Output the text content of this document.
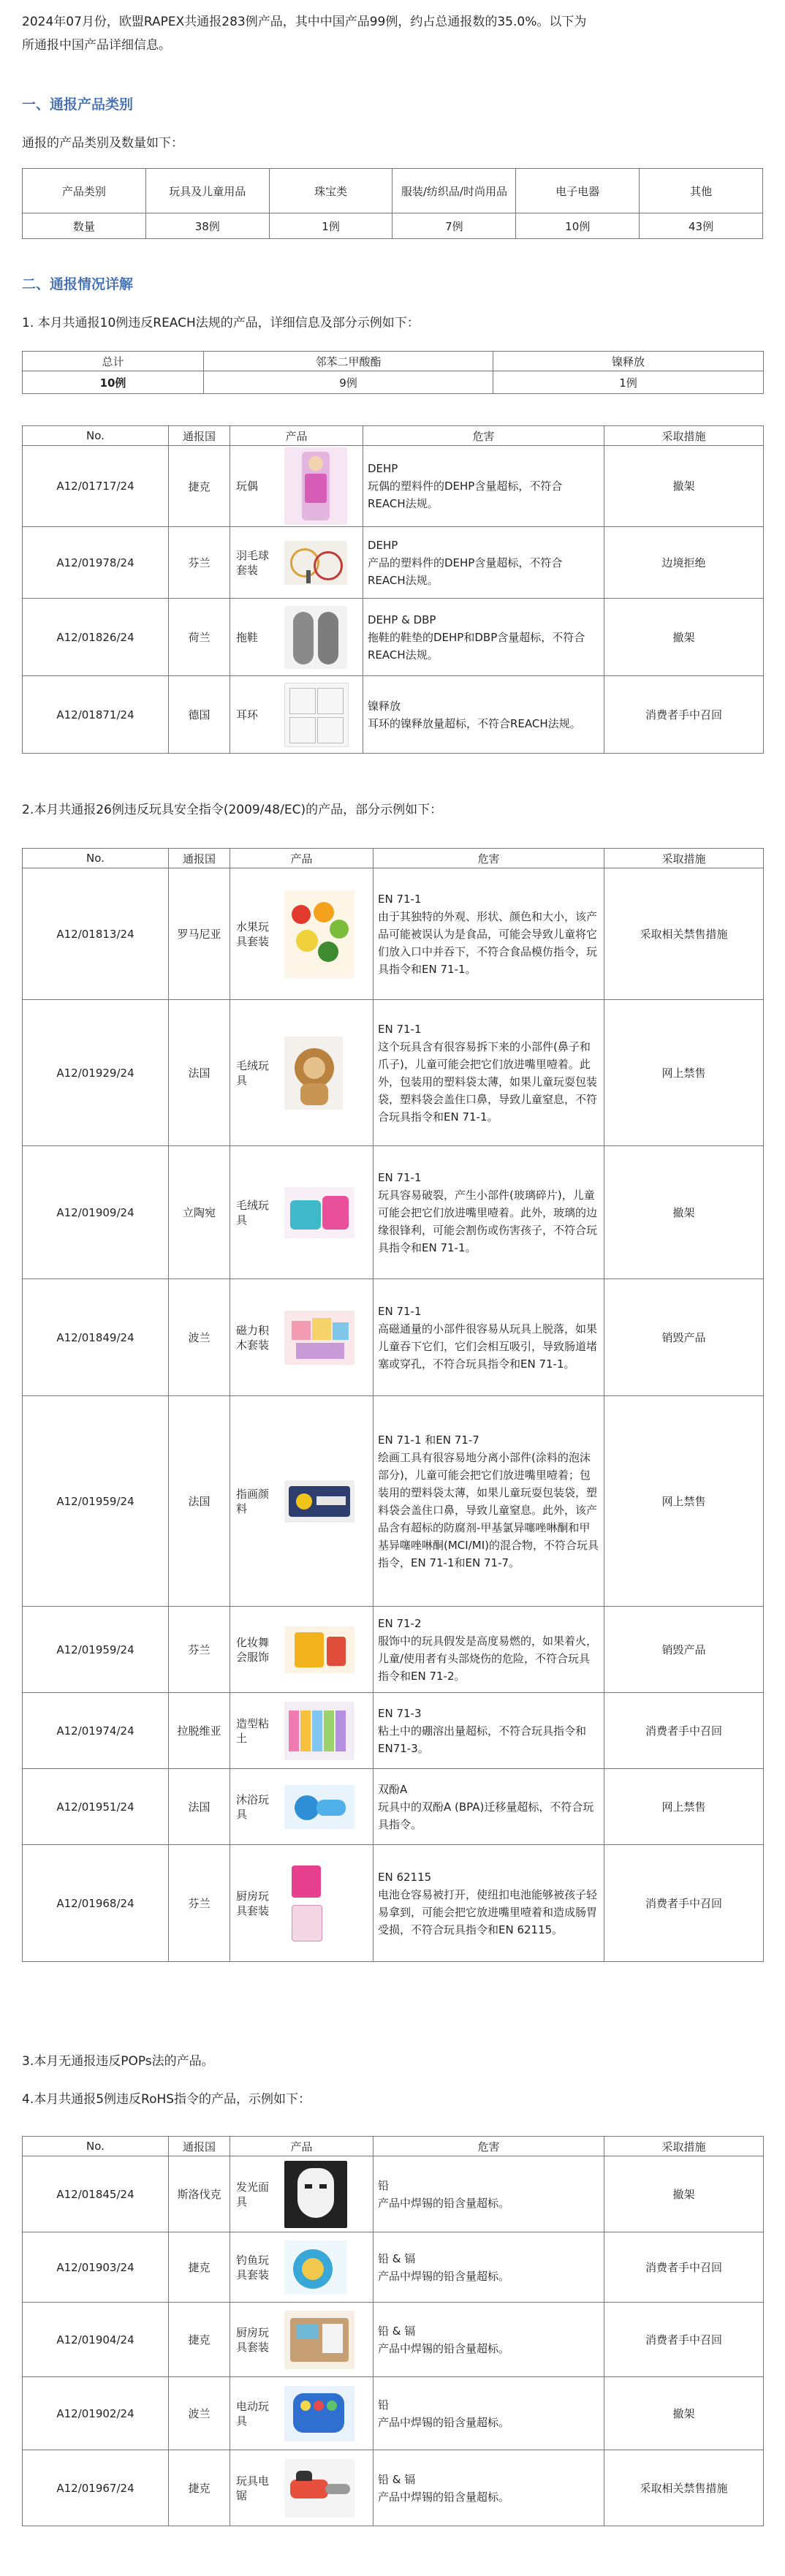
2024年07月份，欧盟RAPEX共通报283例产品，其中中国产品99例，约占总通报数的35.0%。以下为

所通报中国产品详细信息。

一、通报产品类别

通报的产品类别及数量如下：

产品类别	玩具及儿童用品	珠宝类	服装/纺织品/时尚用品	电子电器	其他
数量	38例	1例	7例	10例	43例
二、通报情况详解

1. 本月共通报10例违反REACH法规的产品，详细信息及部分示例如下：

总计	邻苯二甲酸酯	镍释放
10例	9例	1例
No.	通报国	产品	危害	采取措施
A12/01717/24	捷克	玩偶	DEHP
玩偶的塑料件的DEHP含量超标，不符合REACH法规。	撤架
A12/01978/24	芬兰	羽毛球套装	DEHP
产品的塑料件的DEHP含量超标，不符合REACH法规。	边境拒绝
A12/01826/24	荷兰	拖鞋	DEHP & DBP
拖鞋的鞋垫的DEHP和DBP含量超标，不符合REACH法规。	撤架
A12/01871/24	德国	耳环	镍释放
耳环的镍释放量超标，不符合REACH法规。	消费者手中召回

2.本月共通报26例违反玩具安全指令(2009/48/EC)的产品，部分示例如下：

No.	通报国	产品	危害	采取措施
A12/01813/24	罗马尼亚	水果玩具套装	EN 71-1
由于其独特的外观、形状、颜色和大小，该产品可能被误认为是食品，可能会导致儿童将它们放入口中并吞下，不符合食品模仿指令，玩具指令和EN 71-1。	采取相关禁售措施
A12/01929/24	法国	毛绒玩具	EN 71-1
这个玩具含有很容易拆下来的小部件(鼻子和爪子)，儿童可能会把它们放进嘴里噎着。此外，包装用的塑料袋太薄，如果儿童玩耍包装袋，塑料袋会盖住口鼻，导致儿童窒息，不符合玩具指令和EN 71-1。	网上禁售
A12/01909/24	立陶宛	毛绒玩具	EN 71-1
玩具容易破裂，产生小部件(玻璃碎片)，儿童可能会把它们放进嘴里噎着。此外，玻璃的边缘很锋利，可能会割伤或伤害孩子，不符合玩具指令和EN 71-1。	撤架
A12/01849/24	波兰	磁力积木套装	EN 71-1
高磁通量的小部件很容易从玩具上脱落，如果儿童吞下它们，它们会相互吸引，导致肠道堵塞或穿孔，不符合玩具指令和EN 71-1。	销毁产品
A12/01959/24	法国	指画颜料	EN 71-1 和EN 71-7
绘画工具有很容易地分离小部件(涂料的泡沫部分)，儿童可能会把它们放进嘴里噎着；包装用的塑料袋太薄，如果儿童玩耍包装袋，塑料袋会盖住口鼻，导致儿童窒息。此外，该产品含有超标的防腐剂-甲基氯异噻唑啉酮和甲基异噻唑啉酮(MCI/MI)的混合物，不符合玩具指令，EN 71-1和EN 71-7。	网上禁售
A12/01959/24	芬兰	化妆舞会服饰	EN 71-2
服饰中的玩具假发是高度易燃的，如果着火，儿童/使用者有头部烧伤的危险，不符合玩具指令和EN 71-2。	销毁产品
A12/01974/24	拉脱维亚	造型粘土	EN 71-3
粘土中的硼溶出量超标，不符合玩具指令和EN71-3。	消费者手中召回
A12/01951/24	法国	沐浴玩具	双酚A
玩具中的双酚A (BPA)迁移量超标，不符合玩具指令。	网上禁售
A12/01968/24	芬兰	厨房玩具套装	EN 62115
电池仓容易被打开，使纽扣电池能够被孩子轻易拿到，可能会把它放进嘴里噎着和造成肠胃受损，不符合玩具指令和EN 62115。	消费者手中召回

3.本月无通报违反POPs法的产品。

4.本月共通报5例违反RoHS指令的产品，示例如下：

No.	通报国	产品	危害	采取措施
A12/01845/24	斯洛伐克	发光面具	铅
产品中焊锡的铅含量超标。	撤架
A12/01903/24	捷克	钓鱼玩具套装	铅 & 镉
产品中焊锡的铅含量超标。	消费者手中召回
A12/01904/24	捷克	厨房玩具套装	铅 & 镉
产品中焊锡的铅含量超标。	消费者手中召回
A12/01902/24	波兰	电动玩具	铅
产品中焊锡的铅含量超标。	撤架
A12/01967/24	捷克	玩具电锯	铅 & 镉
产品中焊锡的铅含量超标。	采取相关禁售措施
